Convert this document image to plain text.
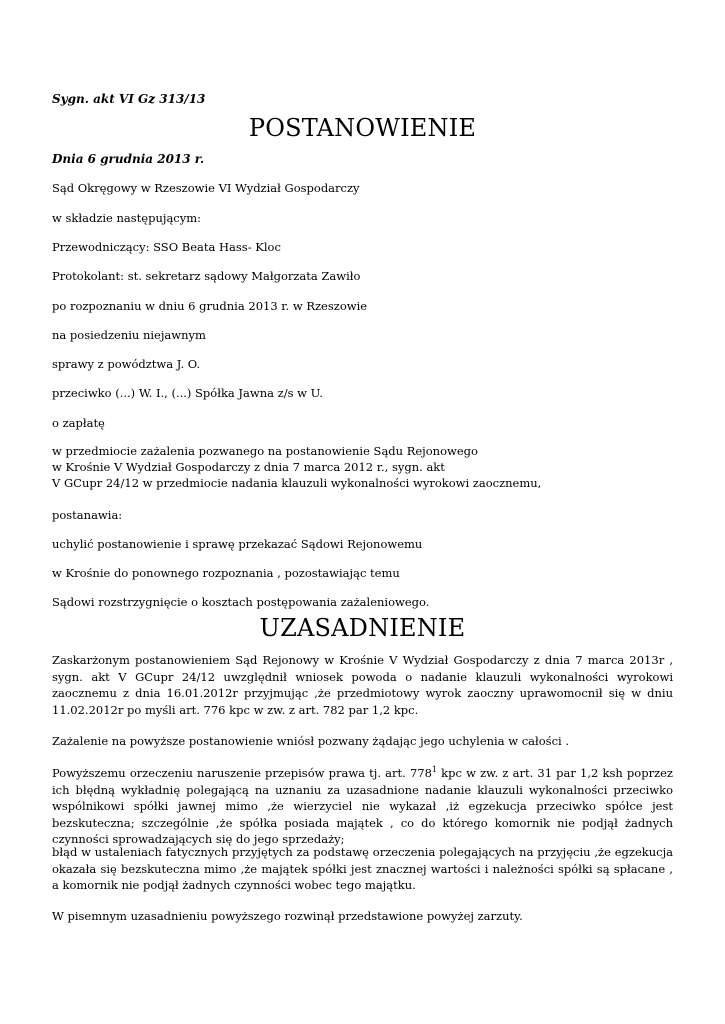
Sygn. akt VI Gz 313/13
POSTANOWIENIE
Dnia 6 grudnia 2013 r.
Sąd Okręgowy w Rzeszowie VI Wydział Gospodarczy
w składzie następującym:
Przewodniczący: SSO Beata Hass- Kloc
Protokolant: st. sekretarz sądowy Małgorzata Zawiło
po rozpoznaniu w dniu 6 grudnia 2013 r. w Rzeszowie
na posiedzeniu niejawnym
sprawy z powództwa J. O.
przeciwko (...) W. I., (...) Spółka Jawna z/s w U.
o zapłatę
w przedmiocie zażalenia pozwanego na postanowienie Sądu Rejonowego
w Krośnie V Wydział Gospodarczy z dnia 7 marca 2012 r., sygn. akt
V GCupr 24/12 w przedmiocie nadania klauzuli wykonalności wyrokowi zaocznemu,
postanawia:
uchylić postanowienie i sprawę przekazać Sądowi Rejonowemu
w Krośnie do ponownego rozpoznania , pozostawiając temu
Sądowi rozstrzygnięcie o kosztach postępowania zażaleniowego.
UZASADNIENIE
Zaskarżonym postanowieniem Sąd Rejonowy w Krośnie V Wydział Gospodarczy z dnia 7 marca 2013r , sygn. akt V GCupr 24/12 uwzględnił wniosek powoda o nadanie klauzuli wykonalności wyrokowi zaocznemu z dnia 16.01.2012r przyjmując ,że przedmiotowy wyrok zaoczny uprawomocnił się w dniu 11.02.2012r po myśli art. 776 kpc w zw. z art. 782 par 1,2 kpc.
Zażalenie na powyższe postanowienie wniósł pozwany żądając jego uchylenia w całości .
Powyższemu orzeczeniu naruszenie przepisów prawa tj. art. $778^1$ kpc w zw. z art. 31 par 1,2 ksh poprzez ich błędną wykładnię polegającą na uznaniu za uzasadnione nadanie klauzuli wykonalności przeciwko wspólnikowi spółki jawnej mimo ,że wierzyciel nie wykazał ,iż egzekucja przeciwko spółce jest bezskuteczna; szczególnie ,że spółka posiada majątek , co do którego komornik nie podjął żadnych czynności sprowadzających się do jego sprzedaży;
błąd w ustaleniach fatycznych przyjętych za podstawę orzeczenia polegających na przyjęciu ,że egzekucja okazała się bezskuteczna mimo ,że majątek spółki jest znacznej wartości i należności spółki są spłacane , a komornik nie podjął żadnych czynności wobec tego majątku.
W pisemnym uzasadnieniu powyższego rozwinął przedstawione powyżej zarzuty.
